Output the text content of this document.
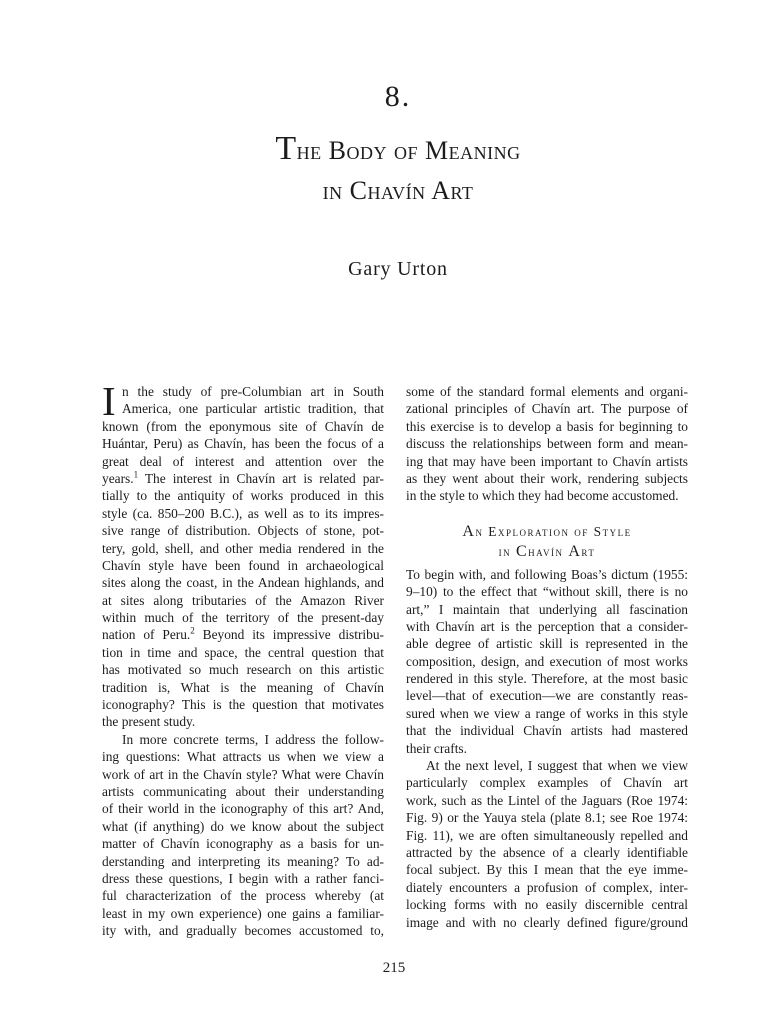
8.
The Body of Meaning
in Chavín Art
Gary Urton
I n the study of pre-Columbian art in South
America, one particular artistic tradition, that
known (from the eponymous site of Chavín de
Huántar, Peru) as Chavín, has been the focus of a
great deal of interest and attention over the
years.$^1$ The interest in Chavín art is related par-
tially to the antiquity of works produced in this
style (ca. 850–200 B.C.), as well as to its impres-
sive range of distribution. Objects of stone, pot-
tery, gold, shell, and other media rendered in the
Chavín style have been found in archaeological
sites along the coast, in the Andean highlands, and
at sites along tributaries of the Amazon River
within much of the territory of the present-day
nation of Peru.$^2$ Beyond its impressive distribu-
tion in time and space, the central question that
has motivated so much research on this artistic
tradition is, What is the meaning of Chavín
iconography? This is the question that motivates
the present study.
In more concrete terms, I address the follow-
ing questions: What attracts us when we view a
work of art in the Chavín style? What were Chavín
artists communicating about their understanding
of their world in the iconography of this art? And,
what (if anything) do we know about the subject
matter of Chavín iconography as a basis for un-
derstanding and interpreting its meaning? To ad-
dress these questions, I begin with a rather fanci-
ful characterization of the process whereby (at
least in my own experience) one gains a familiar-
ity with, and gradually becomes accustomed to,
some of the standard formal elements and organi-
zational principles of Chavín art. The purpose of
this exercise is to develop a basis for beginning to
discuss the relationships between form and mean-
ing that may have been important to Chavín artists
as they went about their work, rendering subjects
in the style to which they had become accustomed.
An Exploration of Style
in Chavín Art
To begin with, and following Boas’s dictum (1955:
9–10) to the effect that “without skill, there is no
art,” I maintain that underlying all fascination
with Chavín art is the perception that a consider-
able degree of artistic skill is represented in the
composition, design, and execution of most works
rendered in this style. Therefore, at the most basic
level—that of execution—we are constantly reas-
sured when we view a range of works in this style
that the individual Chavín artists had mastered
their crafts.
At the next level, I suggest that when we view
particularly complex examples of Chavín art
work, such as the Lintel of the Jaguars (Roe 1974:
Fig. 9) or the Yauya stela (plate 8.1; see Roe 1974:
Fig. 11), we are often simultaneously repelled and
attracted by the absence of a clearly identifiable
focal subject. By this I mean that the eye imme-
diately encounters a profusion of complex, inter-
locking forms with no easily discernible central
image and with no clearly defined figure/ground
215
